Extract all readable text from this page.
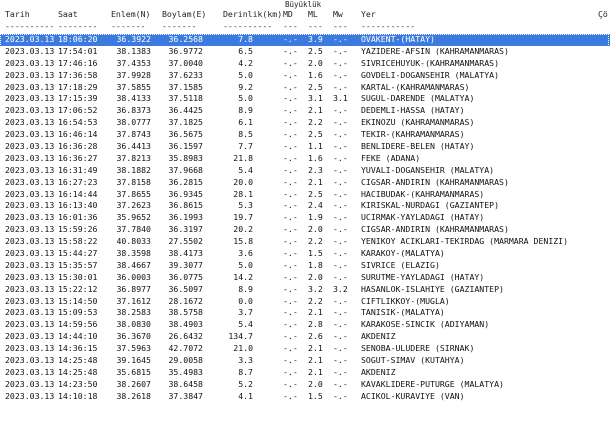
Büyüklük
Tarih	Saat	Enlem(N) Boylam(E) Derinlik(km) MD ML Mw Yer	Çö
---------- -------- ------- -------	---------- --- --- --- -----------
2023.03.13 18:06:20	36.3922	36.2568	7.8	-.- 3.9 -.- OVAKENT-(HATAY)
2023.03.13 17:54:01	38.1383	36.9772	6.5	-.- 2.5 -.- YAZIDERE-AFSIN (KAHRAMANMARAS)
2023.03.13 17:46:16	37.4353	37.0040	4.2	-.- 2.0 -.- SIVRICEHUYUK-(KAHRAMANMARAS)
2023.03.13 17:36:58	37.9928	37.6233	5.0	-.- 1.6 -.- GOVDELI-DOGANSEHIR (MALATYA)
2023.03.13 17:18:29	37.5855	37.1585	9.2	-.- 2.5 -.- KARTAL-(KAHRAMANMARAS)
2023.03.13 17:15:39	38.4133	37.5118	5.0	-.- 3.1 3.1 SUGUL-DARENDE (MALATYA)
2023.03.13 17:06:52	36.8373	36.4425	8.9	-.- 2.1 -.- DEDEMLI-HASSA (HATAY)
2023.03.13 16:54:53	38.0777	37.1825	6.1	-.- 2.2 -.- EKINOZU (KAHRAMANMARAS)
2023.03.13 16:46:14	37.8743	36.5675	8.5	-.- 2.5 -.- TEKIR-(KAHRAMANMARAS)
2023.03.13 16:36:28	36.4413	36.1597	7.7	-.- 1.1 -.- BENLIDERE-BELEN (HATAY)
2023.03.13 16:36:27	37.8213	35.8983	21.8	-.- 1.6 -.- FEKE (ADANA)
2023.03.13 16:31:49	38.1882	37.9668	5.4	-.- 2.3 -.- YUVALI-DOGANSEHIR (MALATYA)
2023.03.13 16:27:23	37.8158	36.2815	20.0	-.- 2.1 -.- CIGSAR-ANDIRIN (KAHRAMANMARAS)
2023.03.13 16:14:44	37.8655	36.9345	28.1	-.- 2.5 -.- HACIBUDAK-(KAHRAMANMARAS)
2023.03.13 16:13:40	37.2623	36.8615	5.3	-.- 2.4 -.- KIRISKAL-NURDAGI (GAZIANTEP)
2023.03.13 16:01:36	35.9652	36.1993	19.7	-.- 1.9 -.- UCIRMAK-YAYLADAGI (HATAY)
2023.03.13 15:59:26	37.7840	36.3197	20.2	-.- 2.0 -.- CIGSAR-ANDIRIN (KAHRAMANMARAS)
2023.03.13 15:58:22	40.8033	27.5502	15.8	-.- 2.2 -.- YENIKOY ACIKLARI-TEKIRDAG (MARMARA DENIZI)
2023.03.13 15:44:27	38.3598	38.4173	3.6	-.- 1.5 -.- KARAKOY-(MALATYA)
2023.03.13 15:35:57	38.4667	39.3077	5.0	-.- 1.8 -.- SIVRICE (ELAZIG)
2023.03.13 15:30:01	36.0003	36.0775	14.2	-.- 2.0 -.- SURUTME-YAYLADAGI (HATAY)
2023.03.13 15:22:12	36.8977	36.5097	8.9	-.- 3.2 3.2 HASANLOK-ISLAHIYE (GAZIANTEP)
2023.03.13 15:14:50	37.1612	28.1672	0.0	-.- 2.2 -.- CIFTLIKKOY-(MUGLA)
2023.03.13 15:09:53	38.2583	38.5758	3.7	-.- 2.1 -.- TANISIK-(MALATYA)
2023.03.13 14:59:56	38.0830	38.4903	5.4	-.- 2.8 -.- KARAKOSE-SINCIK (ADIYAMAN)
2023.03.13 14:44:10	36.3670	26.6432	134.7	-.- 2.6 -.- AKDENIZ
2023.03.13 14:36:15	37.5963	42.7072	21.0	-.- 2.1 -.- SENOBA-ULUDERE (SIRNAK)
2023.03.13 14:25:48	39.1645	29.0058	3.3	-.- 2.1 -.- SOGUT-SIMAV (KUTAHYA)
2023.03.13 14:25:48	35.6815	35.4983	8.7	-.- 2.1 -.- AKDENIZ
2023.03.13 14:23:50	38.2607	38.6458	5.2	-.- 2.0 -.- KAVAKLIDERE-PUTURGE (MALATYA)
2023.03.13 14:10:18	38.2618	37.3847	4.1	-.- 1.5 -.- ACIKOL-KURAVIYE (VAN)
